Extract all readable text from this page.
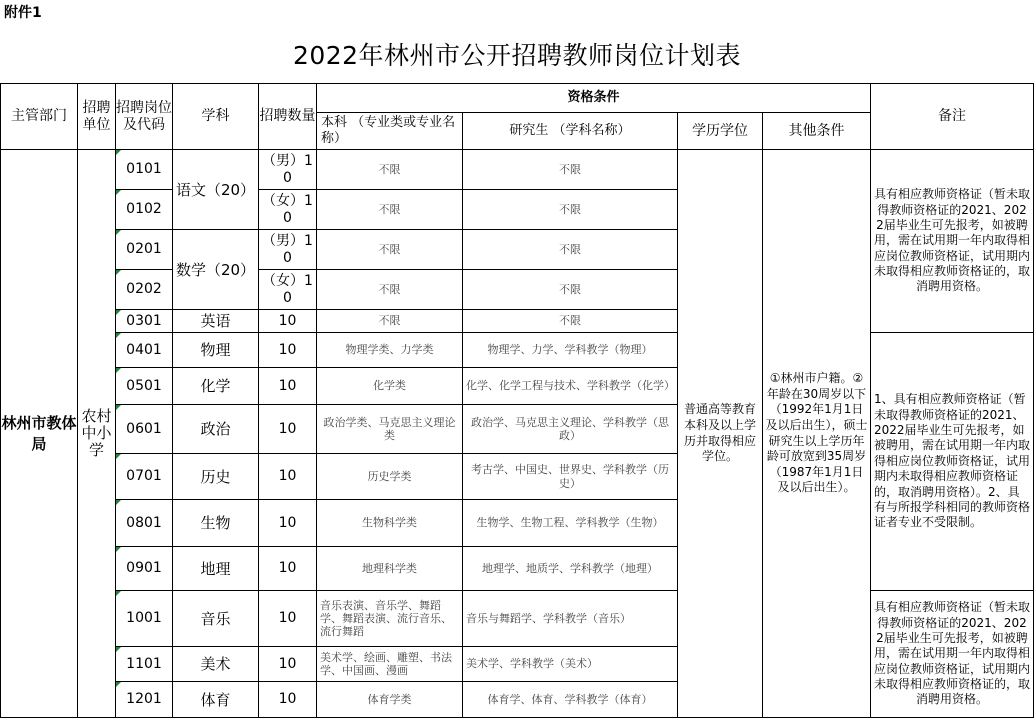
附件1
2022年林州市公开招聘教师岗位计划表
主管部门	招聘单位	招聘岗位及代码	学科	招聘数量	资格条件				备注
					本科 （专业类或专业名称）	研究生 （学科名称）	学历学位	其他条件	
林州市教体局	农村中小学	0101	语文（20）	（男）10	不限	不限	普通高等教育本科及以上学历并取得相应学位。	①林州市户籍。②年龄在30周岁以下（1992年1月1日及以后出生），硕士研究生以上学历年龄可放宽到35周岁（1987年1月1日及以后出生）。	具有相应教师资格证（暂未取得教师资格证的2021、2022届毕业生可先报考，如被聘用，需在试用期一年内取得相应岗位教师资格证，试用期内未取得相应教师资格证的，取消聘用资格。
		0102		（女）10	不限	不限			
		0201	数学（20）	（男）10	不限	不限			
		0202		（女）10	不限	不限			
		0301	英语	10	不限	不限			
		0401	物理	10	物理学类、力学类	物理学、力学、学科教学（物理）			1、具有相应教师资格证（暂未取得教师资格证的2021、2022届毕业生可先报考，如被聘用，需在试用期一年内取得相应岗位教师资格证，试用期内未取得相应教师资格证的，取消聘用资格）。2、具有与所报学科相同的教师资格证者专业不受限制。
		0501	化学	10	化学类	化学、化学工程与技术、学科教学（化学）			
		0601	政治	10	政治学类、马克思主义理论类	政治学、马克思主义理论、学科教学（思政）			
		0701	历史	10	历史学类	考古学、中国史、世界史、学科教学（历史）			
		0801	生物	10	生物科学类	生物学、生物工程、学科教学（生物）			
		0901	地理	10	地理科学类	地理学、地质学、学科教学（地理）			
		1001	音乐	10	音乐表演、音乐学、舞蹈学、舞蹈表演、流行音乐、流行舞蹈	音乐与舞蹈学、学科教学（音乐）			具有相应教师资格证（暂未取得教师资格证的2021、2022届毕业生可先报考，如被聘用，需在试用期一年内取得相应岗位教师资格证，试用期内未取得相应教师资格证的，取消聘用资格。
		1101	美术	10	美术学、绘画、雕塑、书法学、中国画、漫画	美术学、学科教学（美术）			
		1201	体育	10	体育学类	体育学、体育、学科教学（体育）			
